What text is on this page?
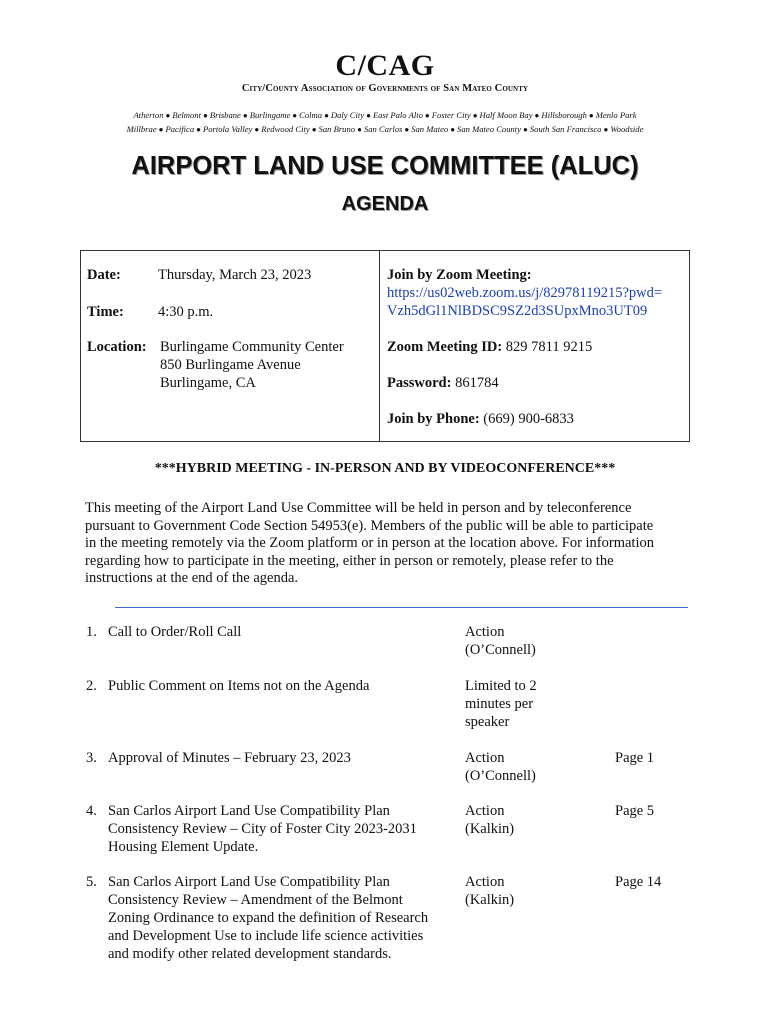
C/CAG
City/County Association of Governments of San Mateo County
Atherton ● Belmont ● Brisbane ● Burlingame ● Colma ● Daly City ● East Palo Alto ● Foster City ● Half Moon Bay ● Hillsborough ● Menlo Park
Millbrae ● Pacifica ● Portola Valley ● Redwood City ● San Bruno ● San Carlos ● San Mateo ● San Mateo County ● South San Francisco ● Woodside
AIRPORT LAND USE COMMITTEE (ALUC)
AGENDA
Date:	Thursday, March 23, 2023
Time: 4:30 p.m.
Location: Burlingame Community Center
850 Burlingame Avenue
Burlingame, CA
Join by Zoom Meeting:
https://us02web.zoom.us/j/82978119215?pwd=
Vzh5dGl1NlBDSC9SZ2d3SUpxMno3UT09
Zoom Meeting ID: 829 7811 9215
Password: 861784
Join by Phone: (669) 900-6833
***HYBRID MEETING - IN-PERSON AND BY VIDEOCONFERENCE***
This meeting of the Airport Land Use Committee will be held in person and by teleconference
pursuant to Government Code Section 54953(e). Members of the public will be able to participate
in the meeting remotely via the Zoom platform or in person at the location above. For information
regarding how to participate in the meeting, either in person or remotely, please refer to the
instructions at the end of the agenda.
1. Call to Order/Roll Call	Action
(O’Connell)
2. Public Comment on Items not on the Agenda	Limited to 2
minutes per
speaker
3. Approval of Minutes – February 23, 2023	Action
(O’Connell)
Page 1
4. San Carlos Airport Land Use Compatibility Plan
Consistency Review – City of Foster City 2023-2031
Housing Element Update.
Action
(Kalkin)
Page 5
5. San Carlos Airport Land Use Compatibility Plan
Consistency Review – Amendment of the Belmont
Zoning Ordinance to expand the definition of Research
and Development Use to include life science activities
and modify other related development standards.
Action
(Kalkin)
Page 14
